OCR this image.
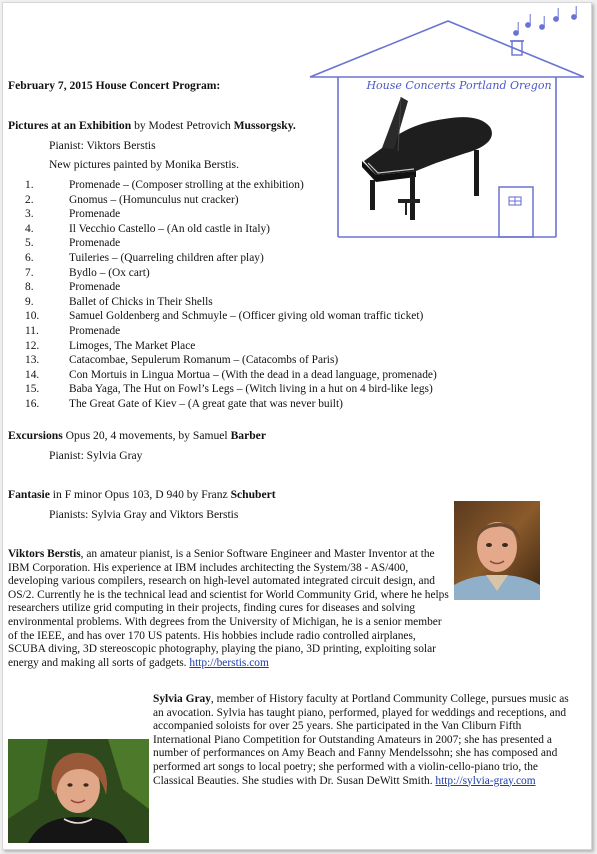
House Concerts Portland Oregon
February 7, 2015 House Concert Program:
Pictures at an Exhibition by Modest Petrovich Mussorgsky.
Pianist: Viktors Berstis
New pictures painted by Monika Berstis.
1.	Promenade – (Composer strolling at the exhibition)
2.	Gnomus – (Homunculus nut cracker)
3.	Promenade
4.	Il Vecchio Castello – (An old castle in Italy)
5.	Promenade
6.	Tuileries – (Quarreling children after play)
7.	Bydlo – (Ox cart)
8.	Promenade
9.	Ballet of Chicks in Their Shells
10.	Samuel Goldenberg and Schmuyle – (Officer giving old woman traffic ticket)
11.	Promenade
12.	Limoges, The Market Place
13.	Catacombae, Sepulerum Romanum – (Catacombs of Paris)
14.	Con Mortuis in Lingua Mortua – (With the dead in a dead language, promenade)
15.	Baba Yaga, The Hut on Fowl’s Legs – (Witch living in a hut on 4 bird-like legs)
16.	The Great Gate of Kiev – (A great gate that was never built)
Excursions Opus 20, 4 movements, by Samuel Barber
Pianist: Sylvia Gray
Fantasie in F minor Opus 103, D 940 by Franz Schubert
Pianists: Sylvia Gray and Viktors Berstis
Viktors Berstis, an amateur pianist, is a Senior Software Engineer and Master Inventor at the IBM Corporation. His experience at IBM includes architecting the System/38 - AS/400, developing various compilers, research on high-level automated integrated circuit design, and OS/2. Currently he is the technical lead and scientist for World Community Grid, where he helps researchers utilize grid computing in their projects, finding cures for diseases and solving environmental problems. With degrees from the University of Michigan, he is a senior member of the IEEE, and has over 170 US patents. His hobbies include radio controlled airplanes, SCUBA diving, 3D stereoscopic photography, playing the piano, 3D printing, exploiting solar energy and making all sorts of gadgets. http://berstis.com
Sylvia Gray, member of History faculty at Portland Community College, pursues music as an avocation. Sylvia has taught piano, performed, played for weddings and receptions, and accompanied soloists for over 25 years. She participated in the Van Cliburn Fifth International Piano Competition for Outstanding Amateurs in 2007; she has presented a number of performances on Amy Beach and Fanny Mendelssohn; she has composed and performed art songs to local poetry; she performed with a violin-cello-piano trio, the Classical Beauties. She studies with Dr. Susan DeWitt Smith. http://sylvia-gray.com
